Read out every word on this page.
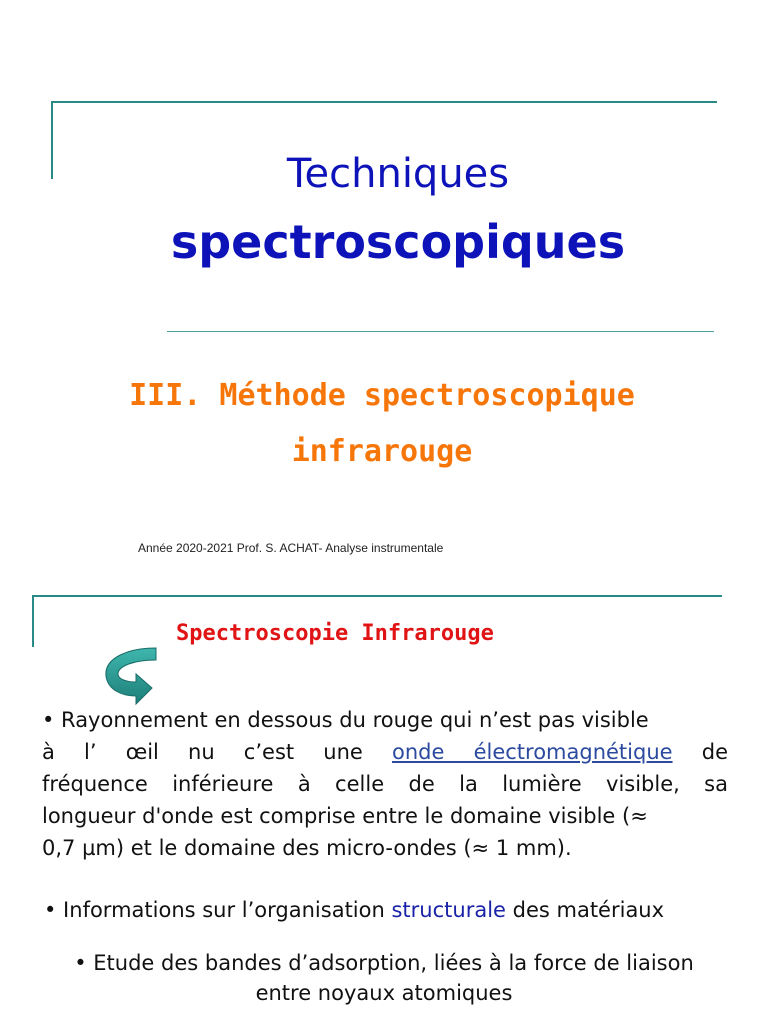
Techniques
spectroscopiques
III. Méthode spectroscopique
infrarouge
Année 2020-2021 Prof. S. ACHAT- Analyse instrumentale
Spectroscopie Infrarouge
• Rayonnement en dessous du rouge qui n’est pas visible
à l’ œil nu c’est une onde électromagnétique de
fréquence inférieure à celle de la lumière visible, sa
longueur d'onde est comprise entre le domaine visible (≈
0,7 µm) et le domaine des micro-ondes (≈ 1 mm).
• Informations sur l’organisation structurale des matériaux
• Etude des bandes d’adsorption, liées à la force de liaison
entre noyaux atomiques
